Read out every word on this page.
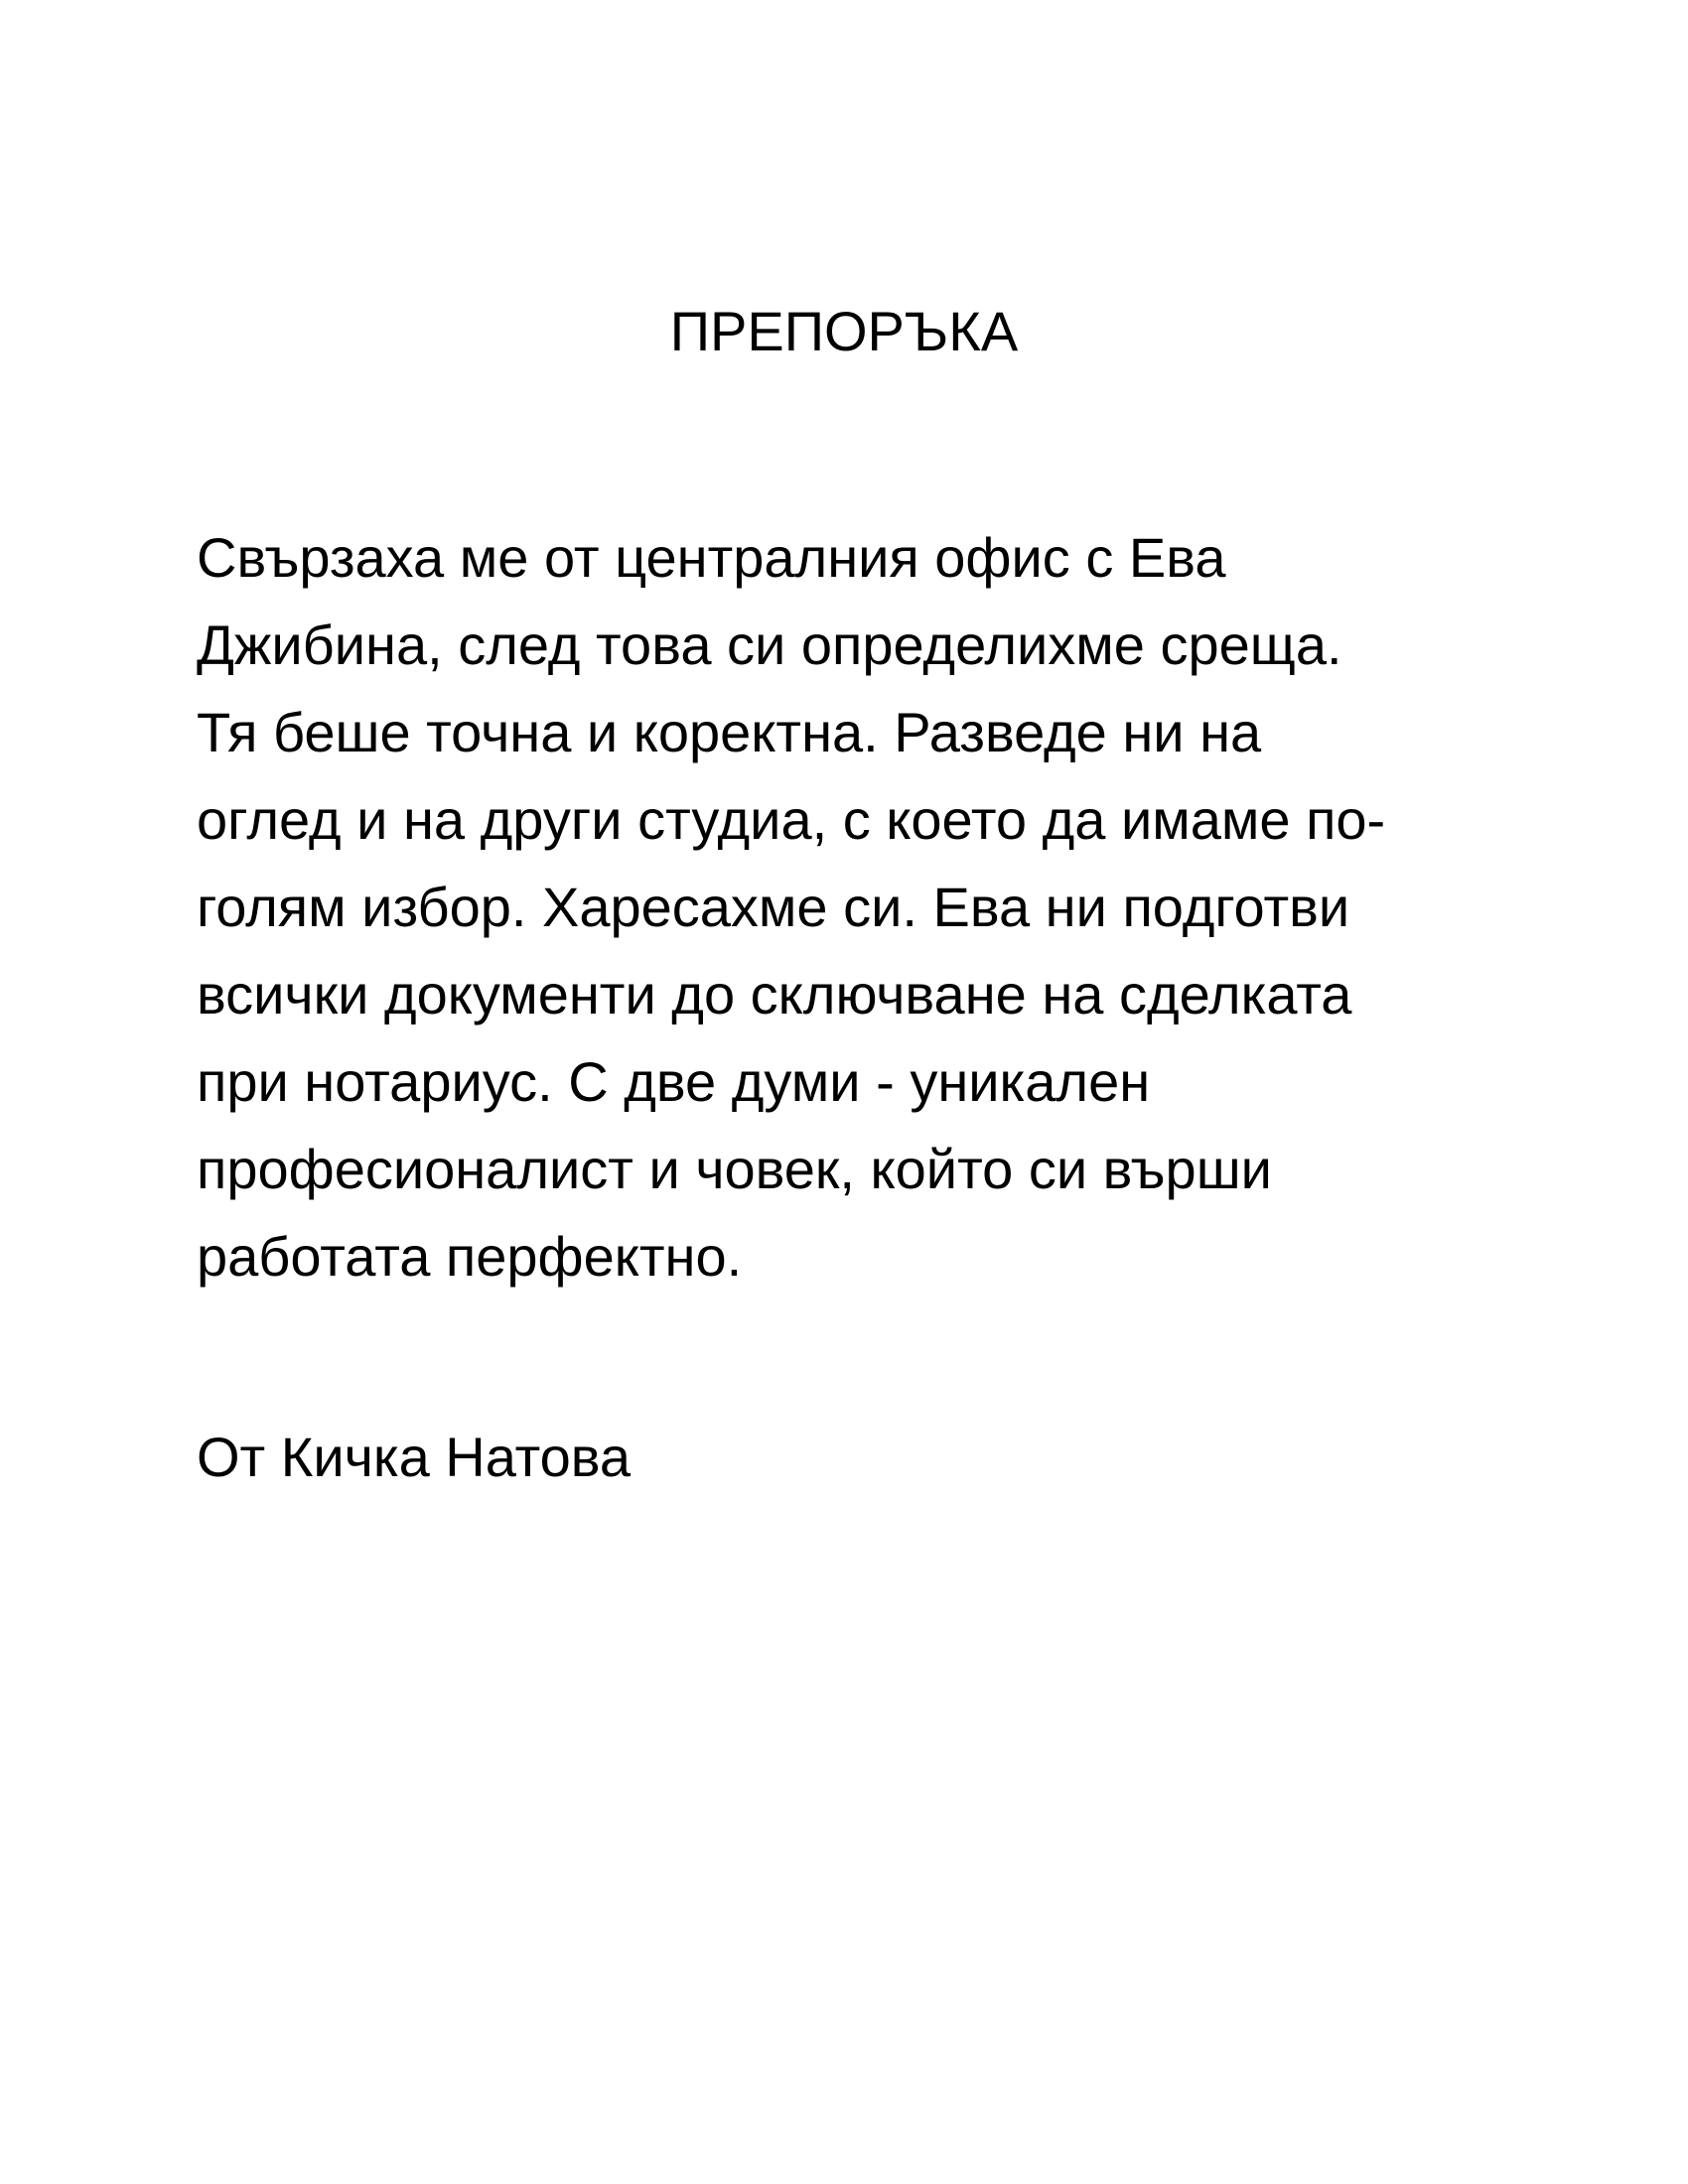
ПРЕПОРЪКА

Свързаха ме от централния офис с Ева
Джибина, след това си определихме среща.
Тя беше точна и коректна. Разведе ни на
оглед и на други студиа, с което да имаме по-
голям избор. Харесахме си. Ева ни подготви
всички документи до сключване на сделката
при нотариус. С две думи - уникален
професионалист и човек, който си върши
работата перфектно.

От Кичка Натова
